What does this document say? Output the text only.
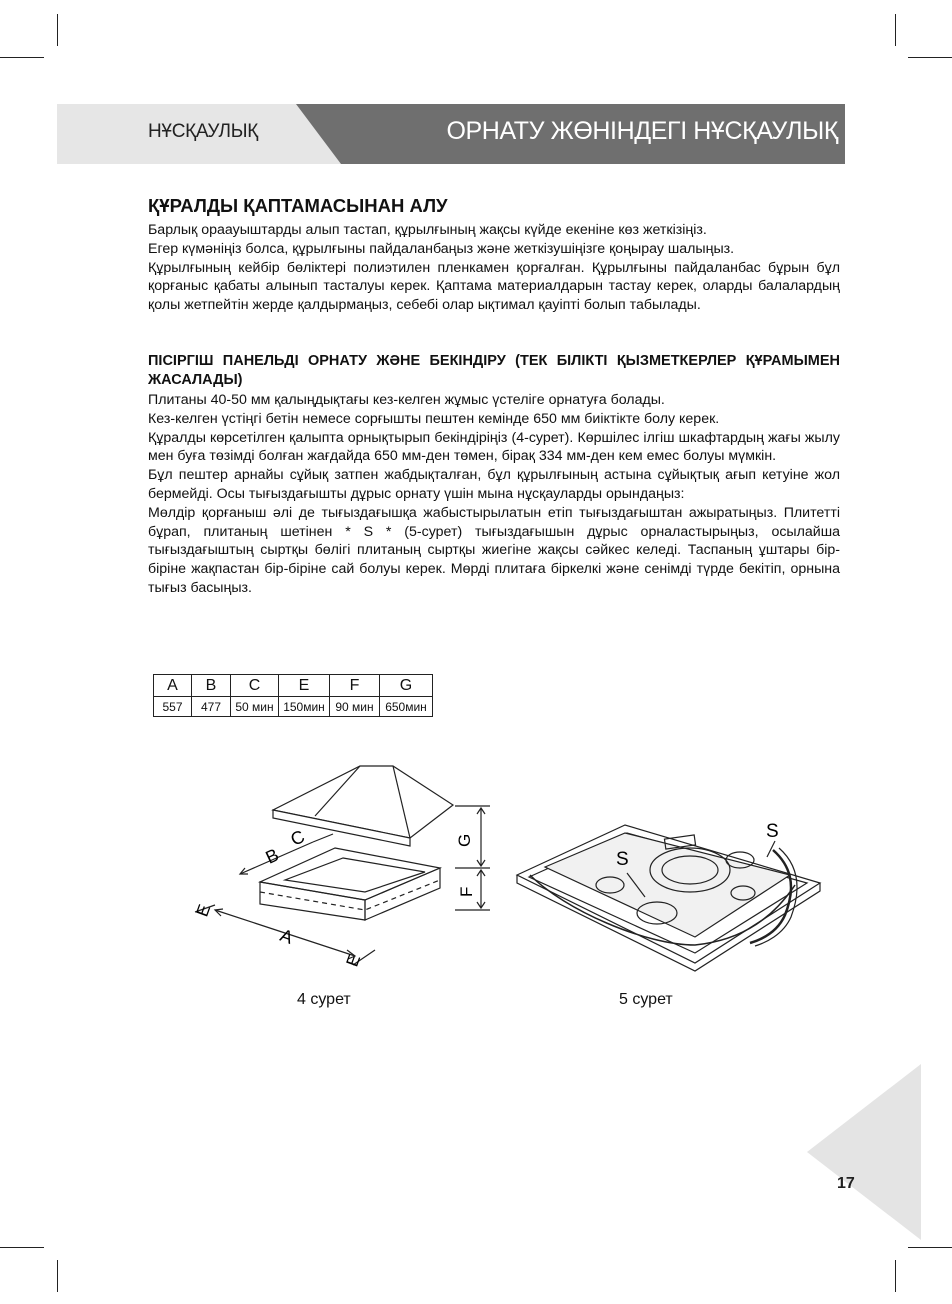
НҰСҚАУЛЫҚ	ОРНАТУ ЖӨНІНДЕГІ НҰСҚАУЛЫҚ
ҚҰРАЛДЫ ҚАПТАМАСЫНАН АЛУ

Барлық ораауыштарды алып тастап, құрылғының жақсы күйде екеніне көз жеткізіңіз.

Егер күмәніңіз болса, құрылғыны пайдаланбаңыз және жеткізушіңізге қоңырау шалыңыз.

Құрылғының кейбір бөліктері полиэтилен пленкамен қорғалған. Құрылғыны пайдаланбас бұрын бұл қорғаныс қабаты алынып тасталуы керек. Қаптама материалдарын тастау керек, оларды балалардың қолы жетпейтін жерде қалдырмаңыз, себебі олар ықтимал қауіпті болып табылады.

ПІСІРГІШ ПАНЕЛЬДІ ОРНАТУ ЖӘНЕ БЕКІНДІРУ (ТЕК БІЛІКТІ ҚЫЗМЕТКЕРЛЕР ҚҰРАМЫМЕН ЖАСАЛАДЫ)

Плитаны 40-50 мм қалыңдықтағы кез-келген жұмыс үстелігe орнатуға болады.

Кез-келген үстіңгі бетін немесе сорғышты пештен кемінде 650 мм биіктікте болу керек.

Құралды көрсетілген қалыпта орнықтырып бекіндіріңіз (4-сурет). Көршілес ілгіш шкафтардың жағы жылу мен буға төзімді болған жағдайда 650 мм-ден төмен, бірақ 334 мм-ден кем емес болуы мүмкін.

Бұл пештер арнайы сұйық затпен жабдықталған, бұл құрылғының астына сұйықтық ағып кетуіне жол бермейді. Осы тығыздағышты дұрыс орнату үшін мына нұсқауларды орындаңыз:

Мөлдір қорғаныш әлі де тығыздағышқа жабыстырылатын етіп тығыздағыштан ажыратыңыз. Плитетті бұрап, плитаның шетінен * S * (5-сурет) тығыздағышын дұрыс орналастырыңыз, осылайша тығыздағыштың сыртқы бөлігі плитаның сыртқы жиегіне жақсы сәйкес келеді. Таспаның ұштары бір-біріне жақпастан бір-біріне сай болуы керек. Мөрді плитаға біркелкі және сенімді түрде бекітіп, орнына тығыз басыңыз.

A	B	C	E	F	G
557	477	50 мин	150мин	90 мин	650мин
G
F
A
B
C
E
E
S
S
4 сурет	5 сурет
17
